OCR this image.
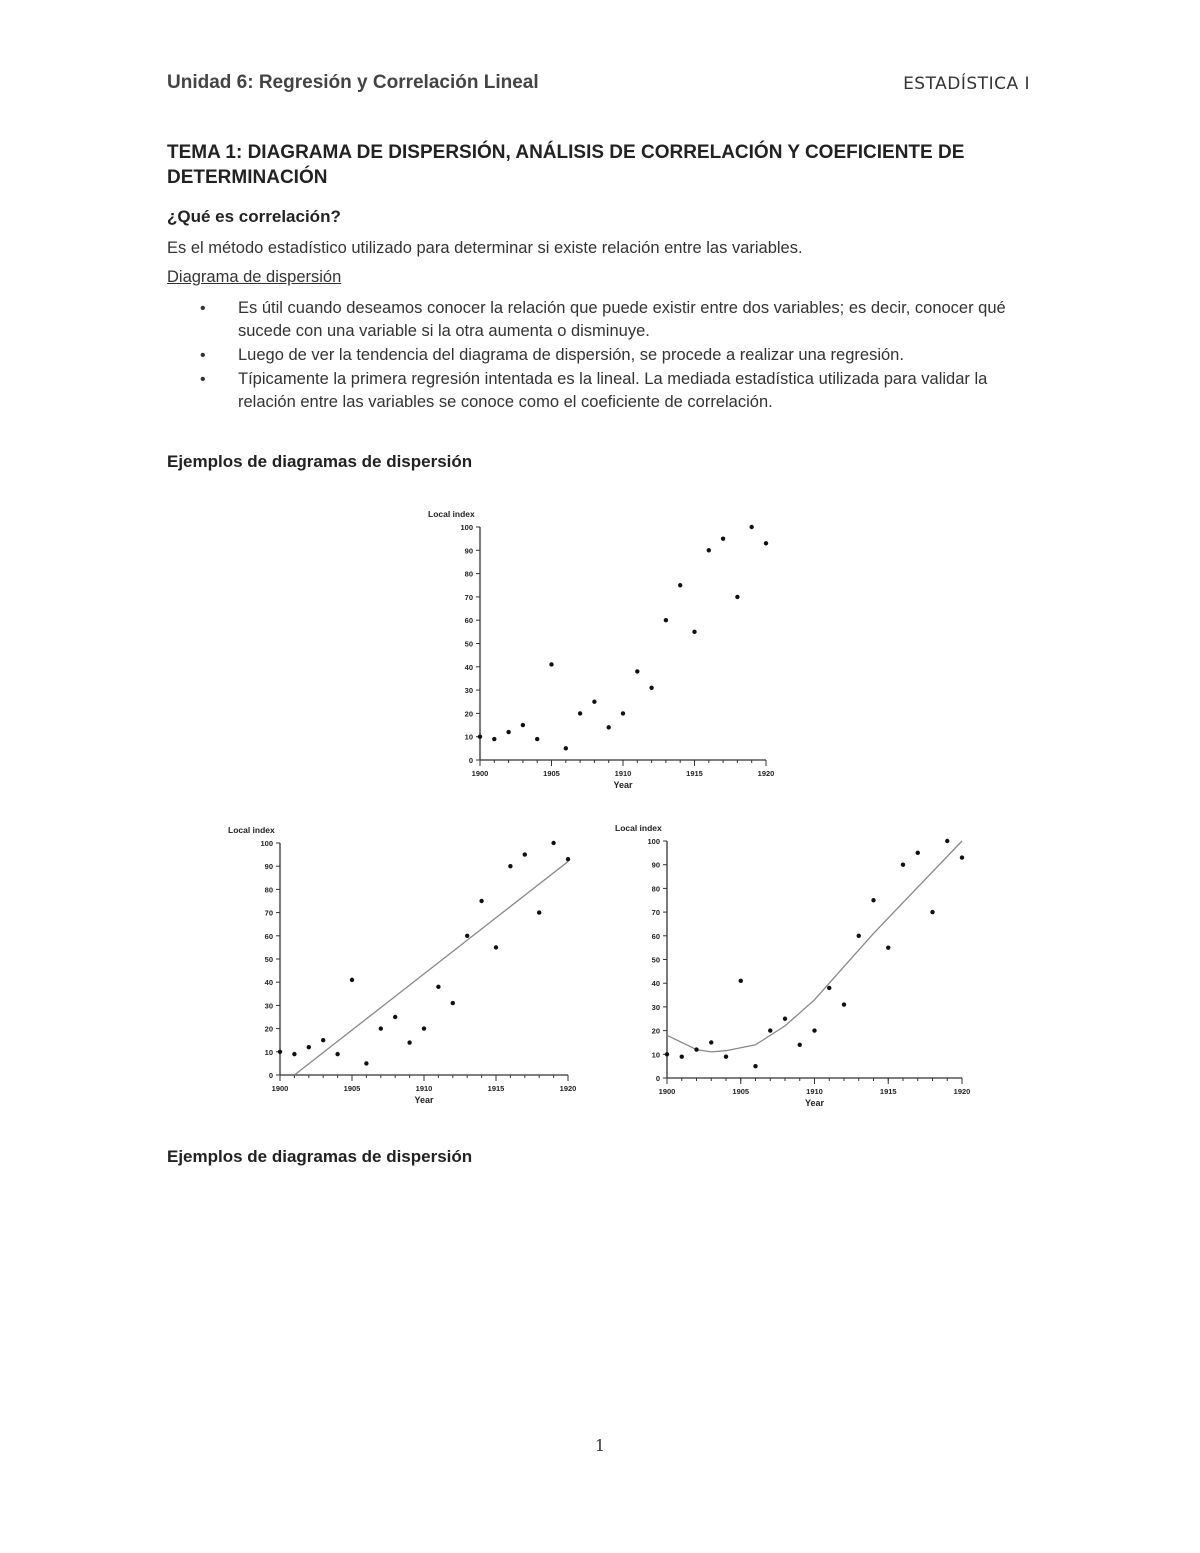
Unidad 6: Regresión y Correlación Lineal	ESTADÍSTICA I
TEMA 1: DIAGRAMA DE DISPERSIÓN, ANÁLISIS DE CORRELACIÓN Y COEFICIENTE DE DETERMINACIÓN
¿Qué es correlación?
Es el método estadístico utilizado para determinar si existe relación entre las variables.
Diagrama de dispersión
• Es útil cuando deseamos conocer la relación que puede existir entre dos variables; es decir, conocer qué sucede con una variable si la otra aumenta o disminuye.
• Luego de ver la tendencia del diagrama de dispersión, se procede a realizar una regresión.
• Típicamente la primera regresión intentada es la lineal. La mediada estadística utilizada para validar la relación entre las variables se conoce como el coeficiente de correlación.
Ejemplos de diagramas de dispersión
0
10
20
30
40
50
60
70
80
90
100
1900	1905	1910	1915	1920
Local index
Year
0
10
20
30
40
50
60
70
80
90
100
1900	1905	1910	1915	1920
Local index
Year
0
10
20
30
40
50
60
70
80
90
100
1900	1905	1910	1915	1920
Local index
Year
Ejemplos de diagramas de dispersión
1
